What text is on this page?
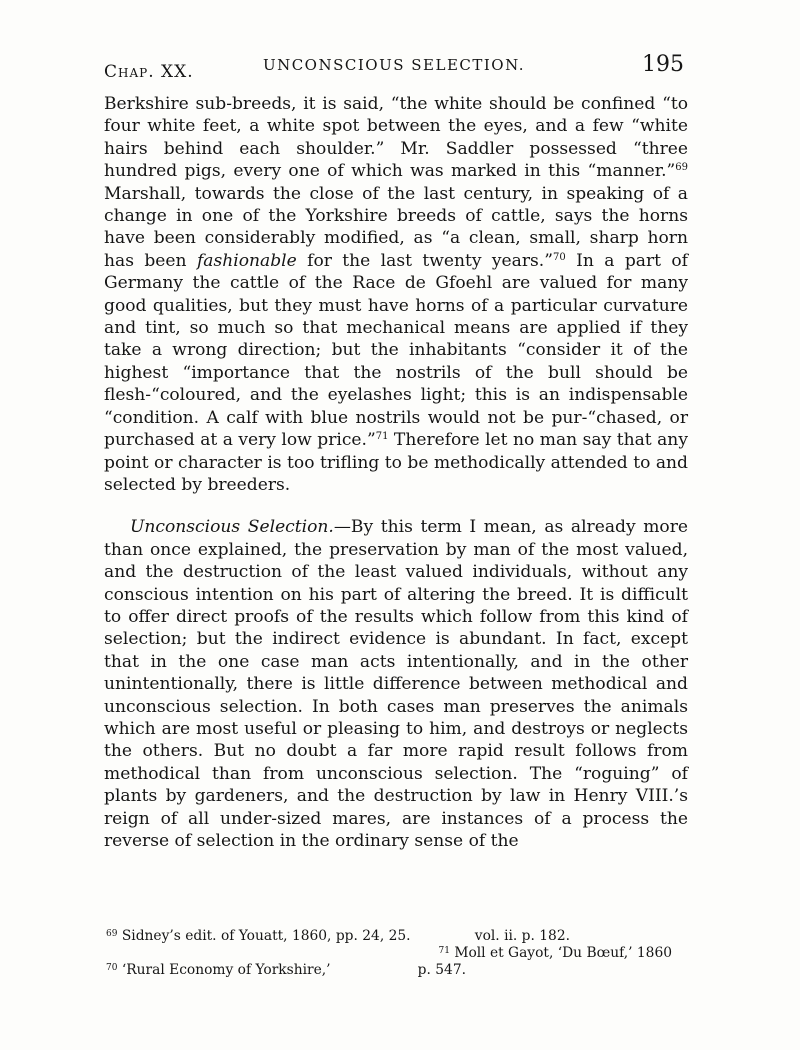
Chap. XX.	UNCONSCIOUS SELECTION.	195

Berkshire sub-breeds, it is said, “the white should be confined “to four white feet, a white spot between the eyes, and a few “white hairs behind each shoulder.” Mr. Saddler possessed “three hundred pigs, every one of which was marked in this “manner.”$^{69}$ Marshall, towards the close of the last century, in speaking of a change in one of the Yorkshire breeds of cattle, says the horns have been considerably modified, as “a clean, small, sharp horn has been fashionable for the last twenty years.”$^{70}$ In a part of Germany the cattle of the Race de Gfoehl are valued for many good qualities, but they must have horns of a particular curvature and tint, so much so that mechanical means are applied if they take a wrong direction; but the inhabitants “consider it of the highest “importance that the nostrils of the bull should be flesh-“coloured, and the eyelashes light; this is an indispensable “condition. A calf with blue nostrils would not be pur-“chased, or purchased at a very low price.”$^{71}$ Therefore let no man say that any point or character is too trifling to be methodically attended to and selected by breeders.

Unconscious Selection.—By this term I mean, as already more than once explained, the preservation by man of the most valued, and the destruction of the least valued individuals, without any conscious intention on his part of altering the breed. It is difficult to offer direct proofs of the results which follow from this kind of selection; but the indirect evidence is abundant. In fact, except that in the one case man acts intentionally, and in the other unintentionally, there is little difference between methodical and unconscious selection. In both cases man preserves the animals which are most useful or pleasing to him, and destroys or neglects the others. But no doubt a far more rapid result follows from methodical than from unconscious selection. The “roguing” of plants by gardeners, and the destruction by law in Henry VIII.’s reign of all under-sized mares, are instances of a process the reverse of selection in the ordinary sense of the

$^{69}$ Sidney’s edit. of Youatt, 1860, pp. 24, 25.	vol. ii. p. 182.
$^{71}$ Moll et Gayot, ‘Du Bœuf,’ 1860
$^{70}$ ‘Rural Economy of Yorkshire,’	p. 547.
